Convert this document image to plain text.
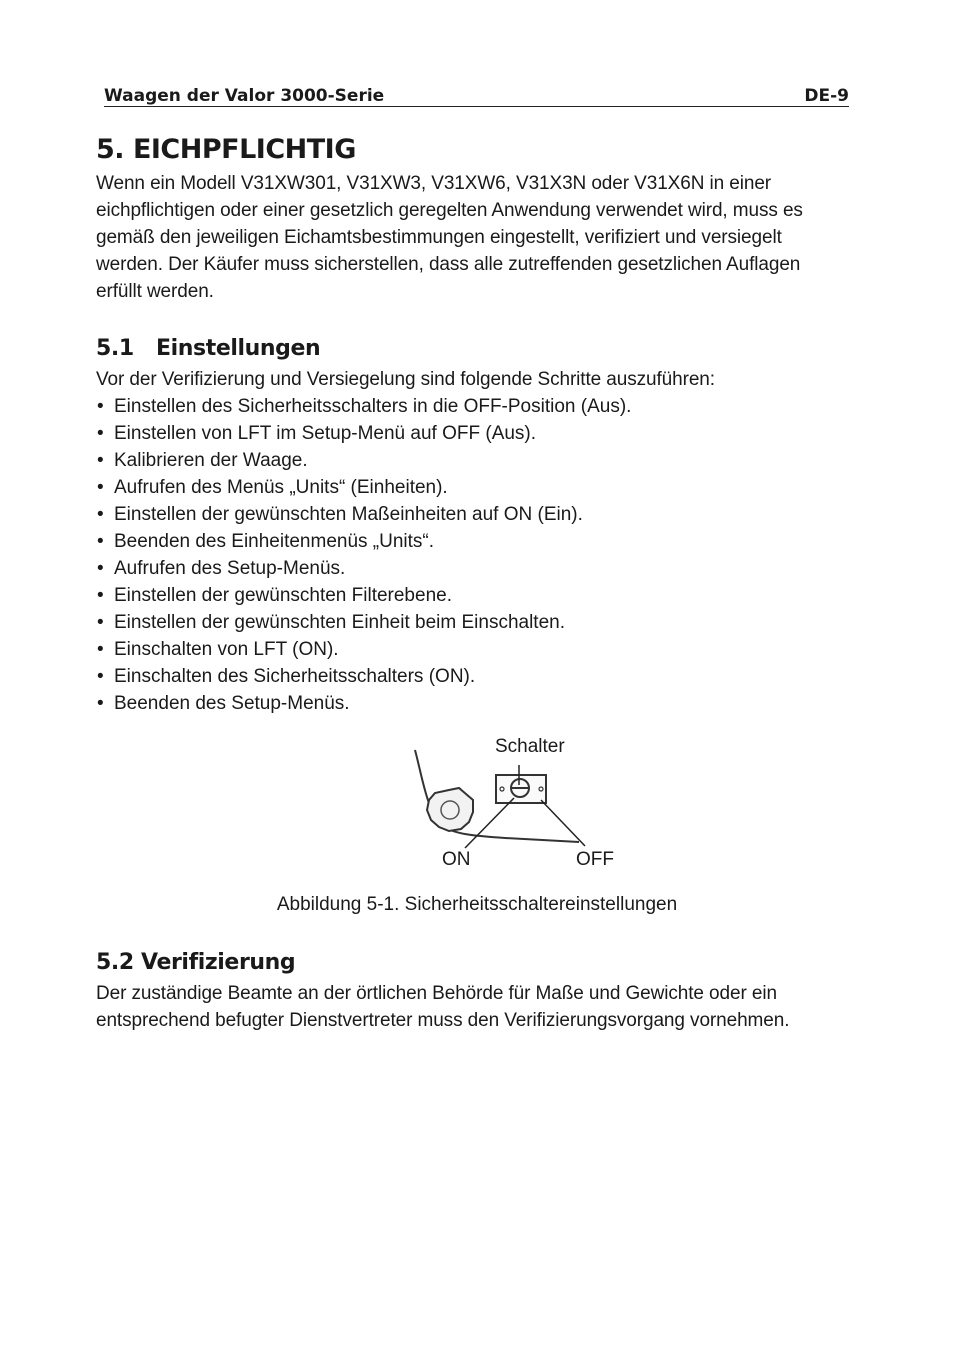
Waagen der Valor 3000-Serie	DE-9
5. EICHPFLICHTIG

Wenn ein Modell V31XW301, V31XW3, V31XW6, V31X3N oder V31X6N in einer
eichpflichtigen oder einer gesetzlich geregelten Anwendung verwendet wird, muss es
gemäß den jeweiligen Eichamtsbestimmungen eingestellt, verifiziert und versiegelt
werden. Der Käufer muss sicherstellen, dass alle zutreffenden gesetzlichen Auflagen
erfüllt werden.

5.1 Einstellungen

Vor der Verifizierung und Versiegelung sind folgende Schritte auszuführen:

• Einstellen des Sicherheitsschalters in die OFF-Position (Aus).
• Einstellen von LFT im Setup-Menü auf OFF (Aus).
• Kalibrieren der Waage.
• Aufrufen des Menüs „Units“ (Einheiten).
• Einstellen der gewünschten Maßeinheiten auf ON (Ein).
• Beenden des Einheitenmenüs „Units“.
• Aufrufen des Setup-Menüs.
• Einstellen der gewünschten Filterebene.
• Einstellen der gewünschten Einheit beim Einschalten.
• Einschalten von LFT (ON).
• Einschalten des Sicherheitsschalters (ON).
• Beenden des Setup-Menüs.
Schalter
ON	OFF
Abbildung 5-1. Sicherheitsschaltereinstellungen
5.2 Verifizierung

Der zuständige Beamte an der örtlichen Behörde für Maße und Gewichte oder ein
entsprechend befugter Dienstvertreter muss den Verifizierungsvorgang vornehmen.
